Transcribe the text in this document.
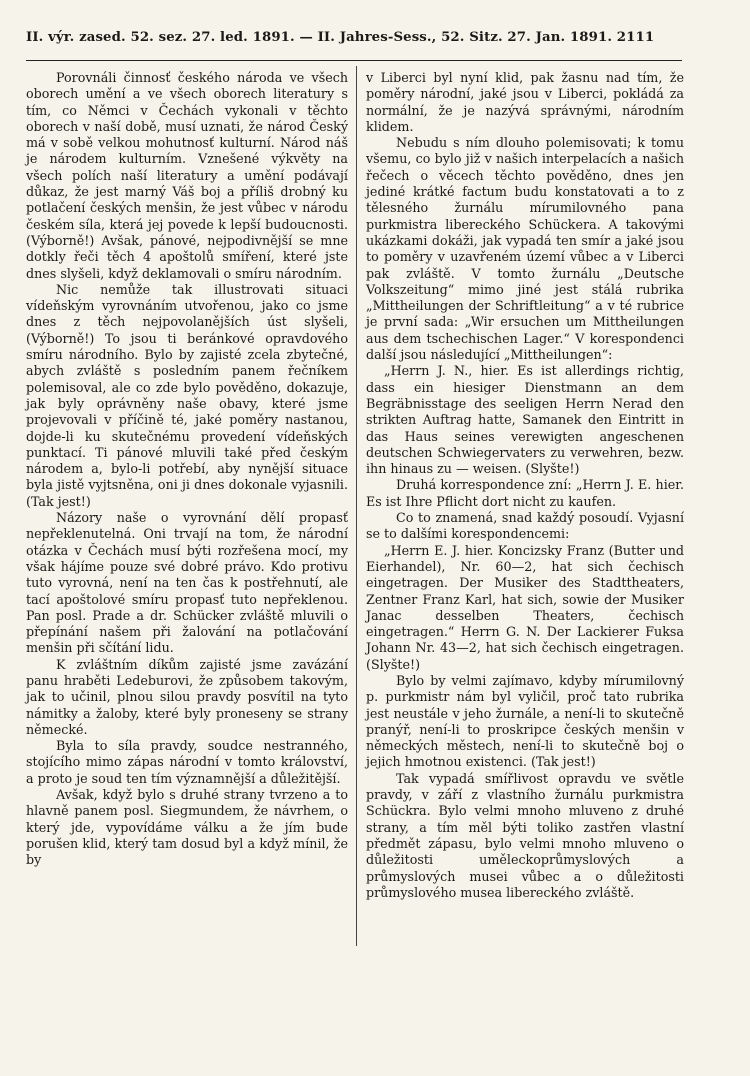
II. výr. zased. 52. sez. 27. led. 1891. — II. Jahres-Sess., 52. Sitz. 27. Jan. 1891. 2111

Porovnáli činnosť českého národa ve všech oborech umění a ve všech oborech literatury s tím, co Němci v Čechách vykonali v těchto oborech v naší době, musí uznati, že národ Český má v sobě velkou mohutnosť kulturní. Národ náš je národem kulturním. Vznešené výkvěty na všech polích naší literatury a umění podávají důkaz, že jest marný Váš boj a příliš drobný ku potlačení českých menšin, že jest vůbec v národu českém síla, která jej povede k lepší budoucnosti. (Výborně!) Avšak, pánové, nejpodivnější se mne dotkly řeči těch 4 apoštolů smíření, které jste dnes slyšeli, když deklamovali o smíru národním.

Nic nemůže tak illustrovati situaci vídeňským vyrovnáním utvořenou, jako co jsme dnes z těch nejpovolanějších úst slyšeli, (Výborně!) To jsou ti beránkové opravdového smíru národního. Bylo by zajisté zcela zbytečné, abych zvláště s posledním panem řečníkem polemisoval, ale co zde bylo pověděno, dokazuje, jak byly oprávněny naše obavy, které jsme projevovali v příčině té, jaké poměry nastanou, dojde-li ku skutečnému provedení vídeňských punktací. Ti pánové mluvili také před českým národem a, bylo-li potřebí, aby nynější situace byla jistě vyjtsněna, oni ji dnes dokonale vyjasnili. (Tak jest!)

Názory naše o vyrovnání dělí propasť nepřeklenutelná. Oni trvají na tom, že národní otázka v Čechách musí býti rozřešena mocí, my však hájíme pouze své dobré právo. Kdo protivu tuto vyrovná, není na ten čas k postřehnutí, ale tací apoštolové smíru propasť tuto nepřeklenou. Pan posl. Prade a dr. Schücker zvláště mluvili o přepínání našem při žalování na potlačování menšin při sčítání lidu.

K zvláštním díkům zajisté jsme zavázání panu hraběti Ledeburovi, že způsobem takovým, jak to učinil, plnou silou pravdy posvítil na tyto námitky a žaloby, které byly proneseny se strany německé.

Byla to síla pravdy, soudce nestranného, stojícího mimo zápas národní v tomto království, a proto je soud ten tím významnější a důležitější.

Avšak, když bylo s druhé strany tvrzeno a to hlavně panem posl. Siegmundem, že návrhem, o který jde, vypovídáme válku a že jím bude porušen klid, který tam dosud byl a když mínil, že by

v Liberci byl nyní klid, pak žasnu nad tím, že poměry národní, jaké jsou v Liberci, pokládá za normální, že je nazývá správnými, národním klidem.

Nebudu s ním dlouho polemisovati; k tomu všemu, co bylo již v našich interpelacích a našich řečech o věcech těchto pověděno, dnes jen jediné krátké factum budu konstatovati a to z tělesného žurnálu mírumilovného pana purkmistra libereckého Schückera. A takovými ukázkami dokáži, jak vypadá ten smír a jaké jsou to poměry v uzavřeném území vůbec a v Liberci pak zvláště. V tomto žurnálu „Deutsche Volkszeitung“ mimo jiné jest stálá rubrika „Mittheilungen der Schriftleitung“ a v té rubrice je první sada: „Wir ersuchen um Mittheilungen aus dem tschechischen Lager.“ V korespondenci další jsou následující „Mittheilungen“:

„Herrn J. N., hier. Es ist allerdings richtig, dass ein hiesiger Dienstmann an dem Begräbnisstage des seeligen Herrn Nerad den strikten Auftrag hatte, Samanek den Eintritt in das Haus seines verewigten angeschenen deutschen Schwiegervaters zu verwehren, bezw. ihn hinaus zu — weisen. (Slyšte!)

Druhá korrespondence zní: „Herrn J. E. hier. Es ist Ihre Pflicht dort nicht zu kaufen.

Co to znamená, snad každý posoudí. Vyjasní se to dalšími korespondencemi:

„Herrn E. J. hier. Koncizsky Franz (Butter und Eierhandel), Nr. 60—2, hat sich čechisch eingetragen. Der Musiker des Stadttheaters, Zentner Franz Karl, hat sich, sowie der Musiker Janac desselben Theaters, čechisch eingetragen.“ Herrn G. N. Der Lackierer Fuksa Johann Nr. 43—2, hat sich čechisch eingetragen. (Slyšte!)

Bylo by velmi zajímavo, kdyby mírumilovný p. purkmistr nám byl vyličil, proč tato rubrika jest neustále v jeho žurnále, a není-li to skutečně pranýř, není-li to proskripce českých menšin v německých městech, není-li to skutečně boj o jejich hmotnou existenci. (Tak jest!)

Tak vypadá smířlivost opravdu ve světle pravdy, v září z vlastního žurnálu purkmistra Schückra. Bylo velmi mnoho mluveno z druhé strany, a tím měl býti toliko zastřen vlastní předmět zápasu, bylo velmi mnoho mluveno o důležitosti uměleckoprůmyslových a průmyslových musei vůbec a o důležitosti průmyslového musea libereckého zvláště.
